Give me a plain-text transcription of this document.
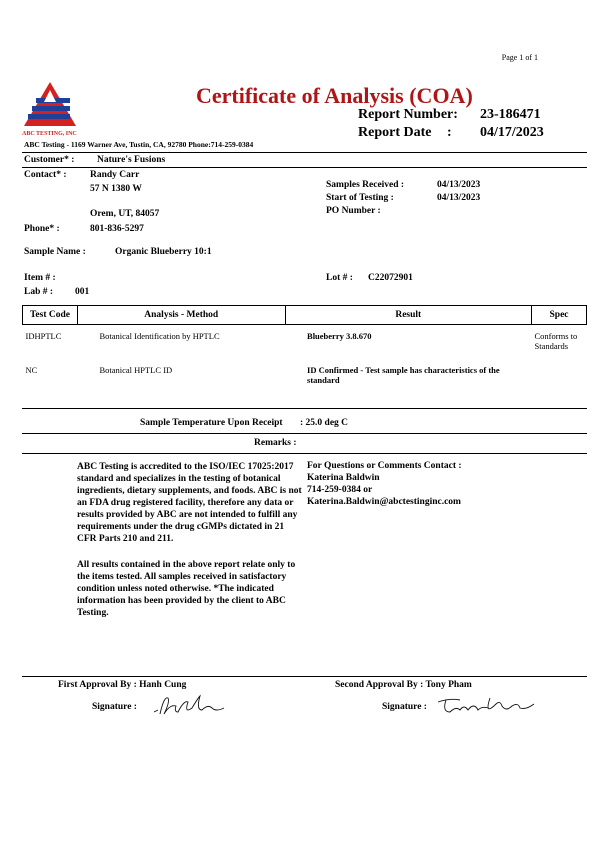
Page 1 of 1
ABC TESTING, INC
Certificate of Analysis (COA)
Report Number: 23-186471
Report Date : 04/17/2023
ABC Testing - 1169 Warner Ave, Tustin, CA, 92780 Phone:714-259-0384
Customer* : Nature's Fusions
Contact* : Randy Carr
57 N 1380 W
Orem, UT, 84057
Phone* :	801-836-5297
Samples Received :	04/13/2023
Start of Testing :	04/13/2023
PO Number :
Sample Name :	Organic Blueberry 10:1
Item # :	Lot # : C22072901
Lab # : 001
Test Code	Analysis - Method	Result	Spec
IDHPTLC	Botanical Identification by HPTLC	Blueberry 3.8.670	Conforms to Standards
NC	Botanical HPTLC ID	ID Confirmed - Test sample has characteristics of the standard	
Sample Temperature Upon Receipt : 25.0 deg C
Remarks :
ABC Testing is accredited to the ISO/IEC 17025:2017 standard and specializes in the testing of botanical ingredients, dietary supplements, and foods. ABC is not an FDA drug registered facility, therefore any data or results provided by ABC are not intended to fulfill any requirements under the drug cGMPs dictated in 21 CFR Parts 210 and 211.
All results contained in the above report relate only to the items tested. All samples received in satisfactory condition unless noted otherwise. *The indicated information has been provided by the client to ABC Testing.
For Questions or Comments Contact :
Katerina Baldwin
714-259-0384 or
Katerina.Baldwin@abctestinginc.com
First Approval By : Hanh Cung	Second Approval By : Tony Pham
Signature :	Signature :
